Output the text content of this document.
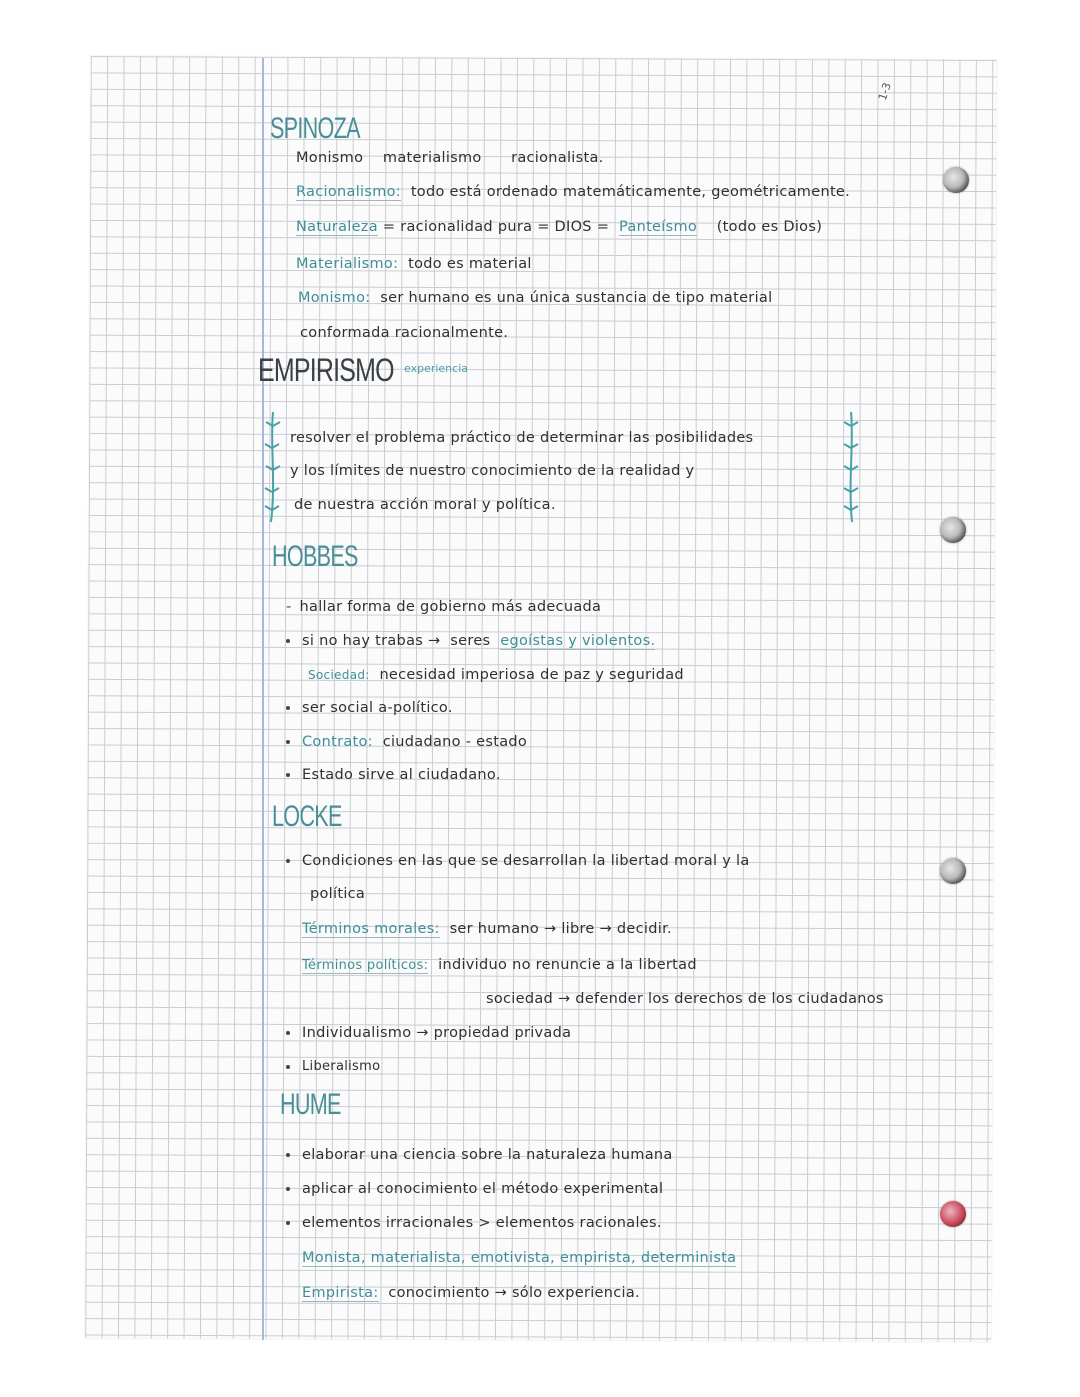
1-3
SPINOZA
Monismo materialismo racionalista.
Racionalismo: todo está ordenado matemáticamente, geométricamente.
Naturaleza = racionalidad pura = DIOS = Panteísmo (todo es Dios)
Materialismo: todo es material
Monismo: ser humano es una única sustancia de tipo material
conformada racionalmente.
EMPIRISMO experiencia
resolver el problema práctico de determinar las posibilidades
y los límites de nuestro conocimiento de la realidad y
de nuestra acción moral y política.
HOBBES
- hallar forma de gobierno más adecuada
si no hay trabas → seres egoístas y violentos.
Sociedad: necesidad imperiosa de paz y seguridad
ser social a-político.
Contrato: ciudadano - estado
Estado sirve al ciudadano.
LOCKE
Condiciones en las que se desarrollan la libertad moral y la
política
Términos morales: ser humano → libre → decidir.
Términos políticos: individuo no renuncie a la libertad
sociedad → defender los derechos de los ciudadanos
Individualismo → propiedad privada
Liberalismo
HUME
elaborar una ciencia sobre la naturaleza humana
aplicar al conocimiento el método experimental
elementos irracionales > elementos racionales.
Monista, materialista, emotivista, empirista, determinista
Empirista: conocimiento → sólo experiencia.
